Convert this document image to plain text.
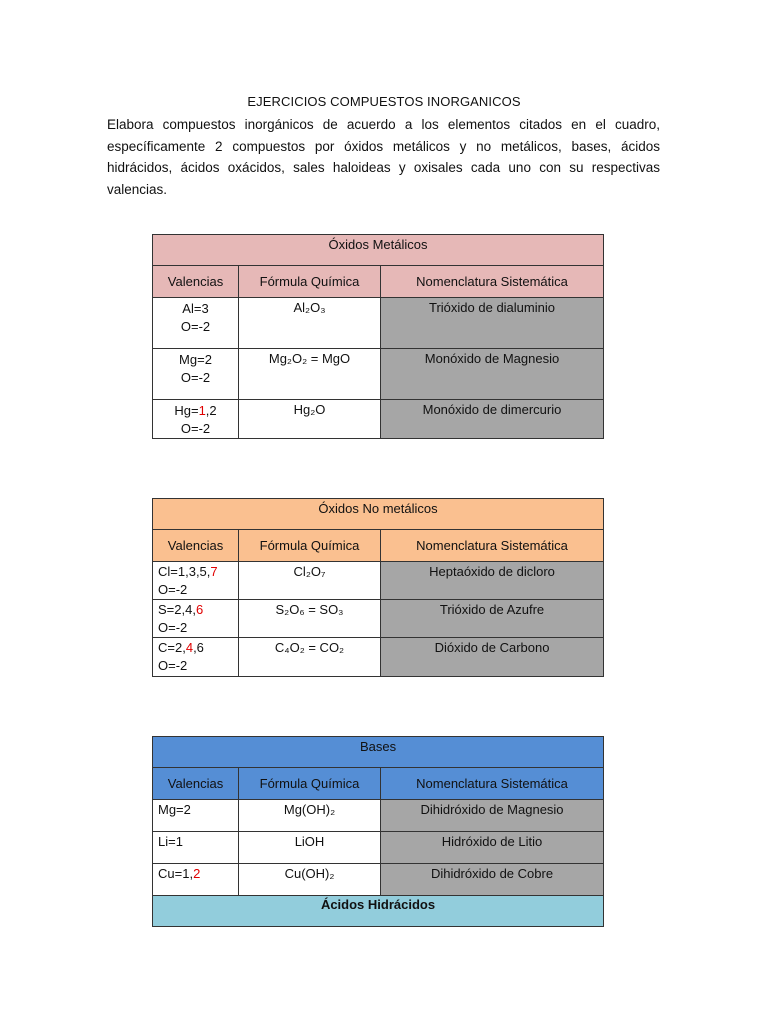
EJERCICIOS COMPUESTOS INORGANICOS

Elabora compuestos inorgánicos de acuerdo a los elementos citados en el cuadro, específicamente 2 compuestos por óxidos metálicos y no metálicos, bases, ácidos hidrácidos, ácidos oxácidos, sales haloideas y oxisales cada uno con su respectivas valencias.

Óxidos Metálicos		
Valencias	Fórmula Química	Nomenclatura Sistemática

Al=3
O=-2	Al₂O₃	Trióxido de dialuminio

Mg=2
O=-2	Mg₂O₂ = MgO	Monóxido de Magnesio

Hg=1,2
O=-2	Hg₂O	Monóxido de dimercurio
Óxidos No metálicos		
Valencias	Fórmula Química	Nomenclatura Sistemática

Cl=1,3,5,7
O=-2	Cl₂O₇	Heptaóxido de dicloro

S=2,4,6
O=-2	S₂O₆ = SO₃	Trióxido de Azufre

C=2,4,6
O=-2	C₄O₂ = CO₂	Dióxido de Carbono
Bases		
Valencias	Fórmula Química	Nomenclatura Sistemática
Mg=2	Mg(OH)₂	Dihidróxido de Magnesio
Li=1	LiOH	Hidróxido de Litio
Cu=1,2	Cu(OH)₂	Dihidróxido de Cobre
Ácidos Hidrácidos		
